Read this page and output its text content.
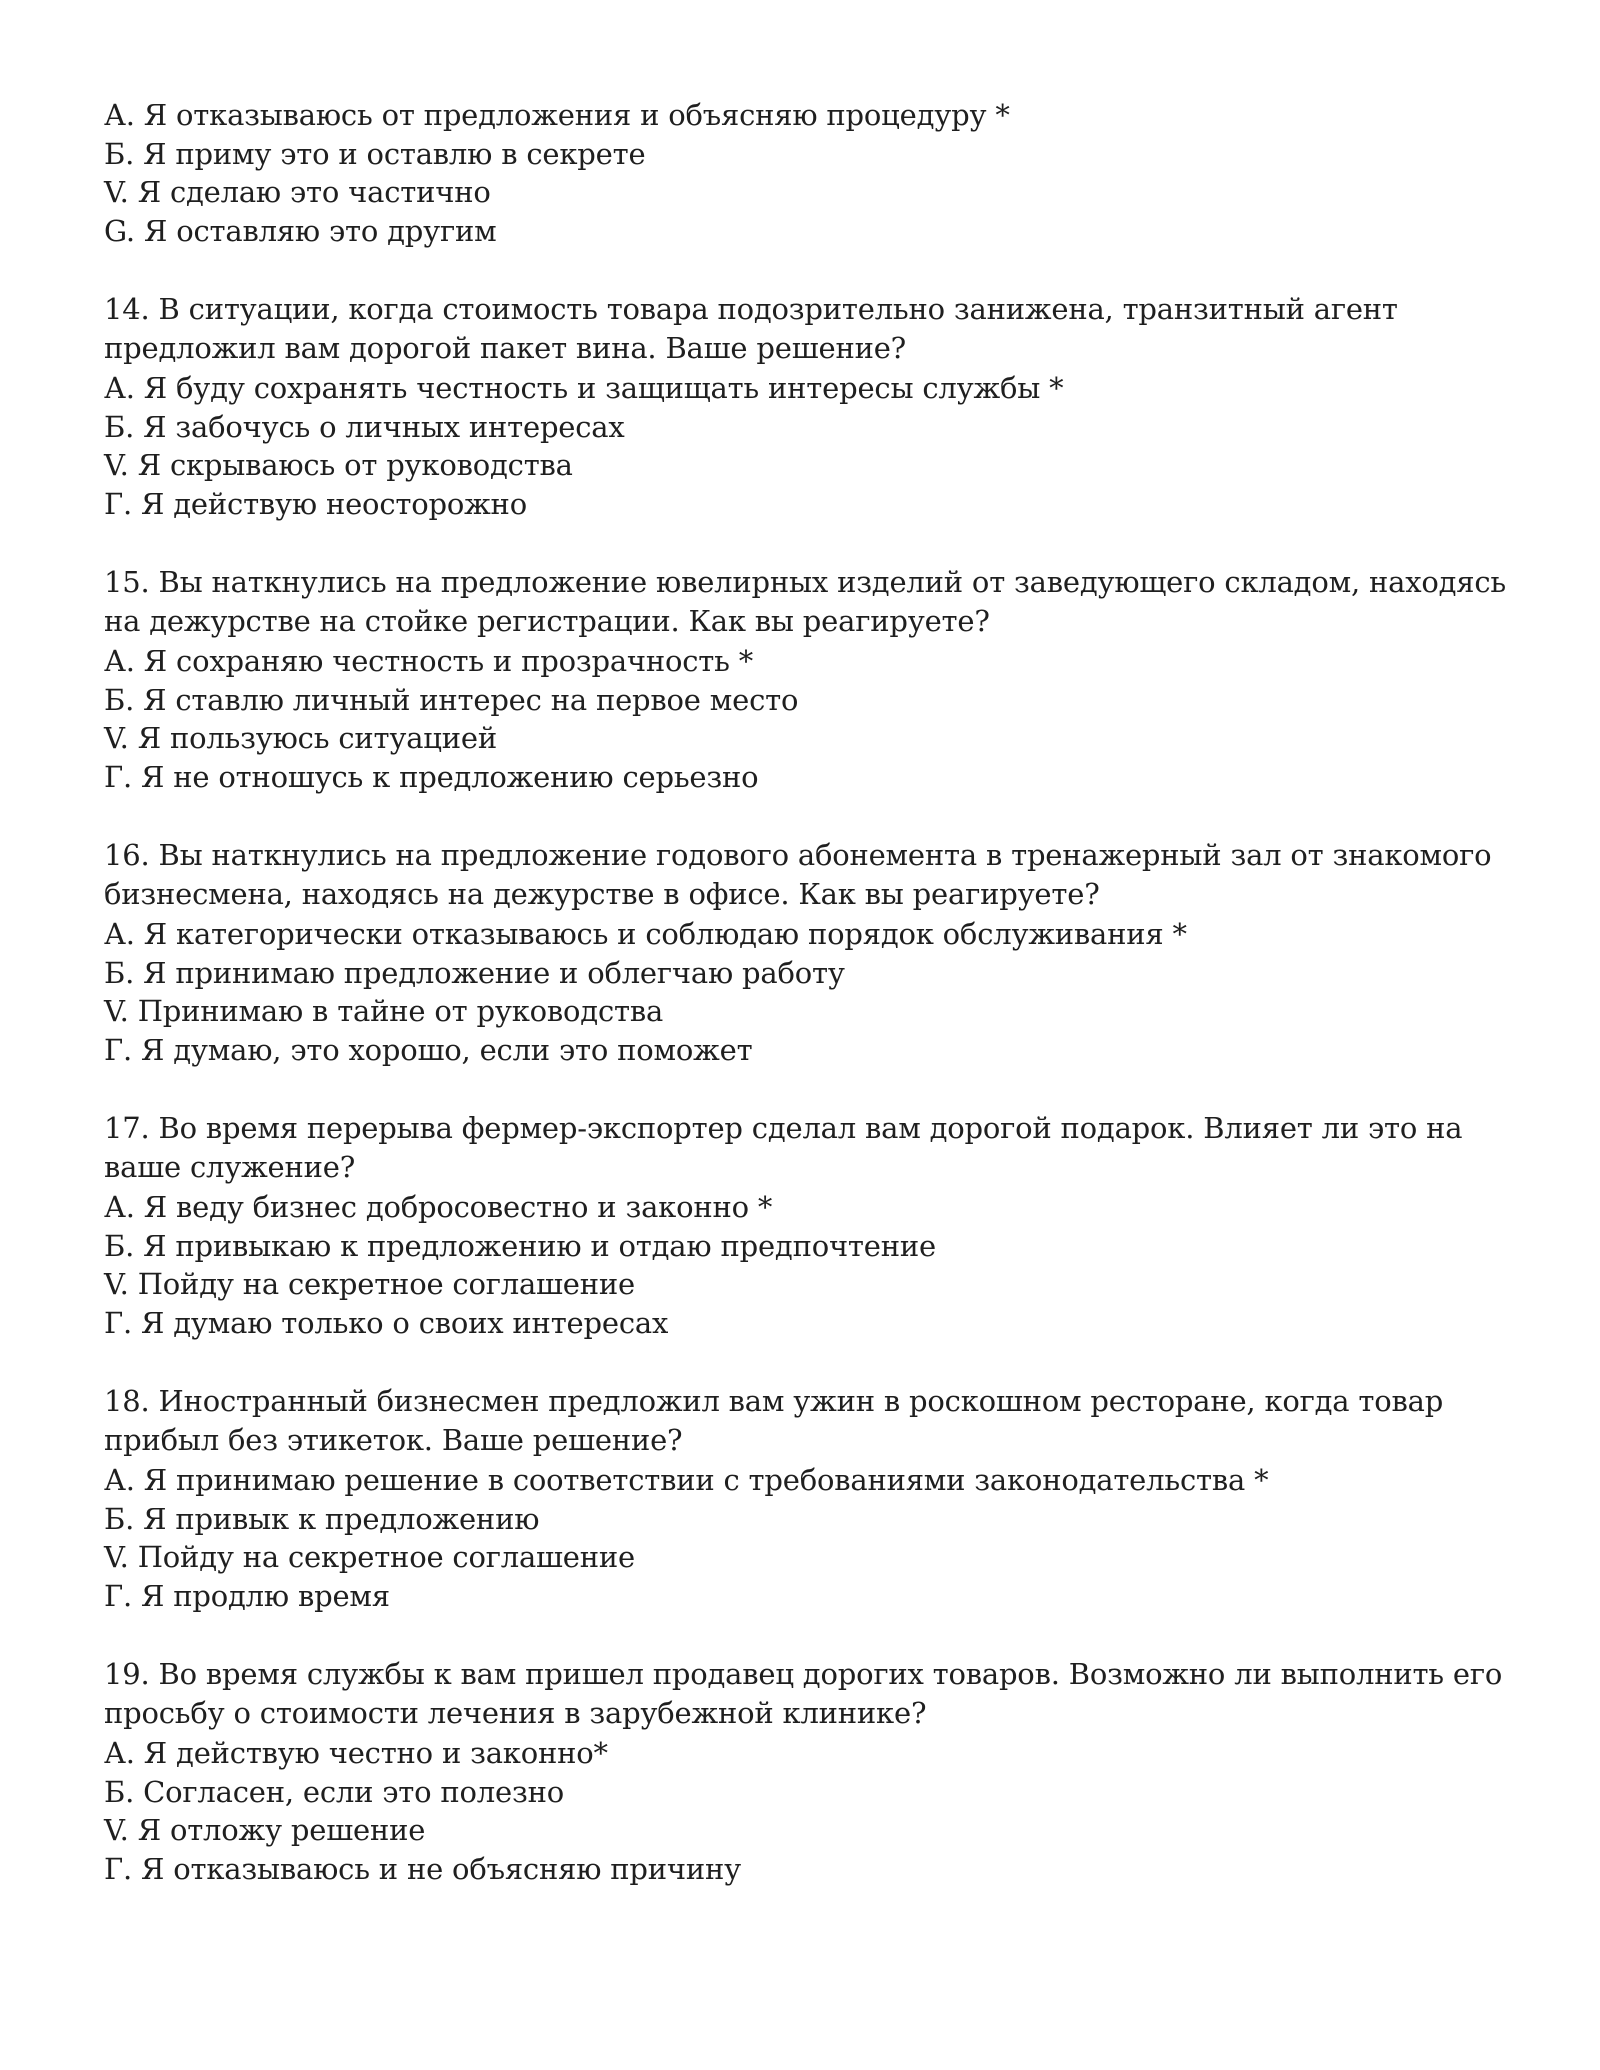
А. Я отказываюсь от предложения и объясняю процедуру *
Б. Я приму это и оставлю в секрете
V. Я сделаю это частично
G. Я оставляю это другим
14. В ситуации, когда стоимость товара подозрительно занижена, транзитный агент предложил вам дорогой пакет вина. Ваше решение?
А. Я буду сохранять честность и защищать интересы службы *
Б. Я забочусь о личных интересах
V. Я скрываюсь от руководства
Г. Я действую неосторожно
15. Вы наткнулись на предложение ювелирных изделий от заведующего складом, находясь на дежурстве на стойке регистрации. Как вы реагируете?
А. Я сохраняю честность и прозрачность *
Б. Я ставлю личный интерес на первое место
V. Я пользуюсь ситуацией
Г. Я не отношусь к предложению серьезно
16. Вы наткнулись на предложение годового абонемента в тренажерный зал от знакомого бизнесмена, находясь на дежурстве в офисе. Как вы реагируете?
А. Я категорически отказываюсь и соблюдаю порядок обслуживания *
Б. Я принимаю предложение и облегчаю работу
V. Принимаю в тайне от руководства
Г. Я думаю, это хорошо, если это поможет
17. Во время перерыва фермер-экспортер сделал вам дорогой подарок. Влияет ли это на ваше служение?
А. Я веду бизнес добросовестно и законно *
Б. Я привыкаю к предложению и отдаю предпочтение
V. Пойду на секретное соглашение
Г. Я думаю только о своих интересах
18. Иностранный бизнесмен предложил вам ужин в роскошном ресторане, когда товар прибыл без этикеток. Ваше решение?
А. Я принимаю решение в соответствии с требованиями законодательства *
Б. Я привык к предложению
V. Пойду на секретное соглашение
Г. Я продлю время
19. Во время службы к вам пришел продавец дорогих товаров. Возможно ли выполнить его просьбу о стоимости лечения в зарубежной клинике?
А. Я действую честно и законно*
Б. Согласен, если это полезно
V. Я отложу решение
Г. Я отказываюсь и не объясняю причину
